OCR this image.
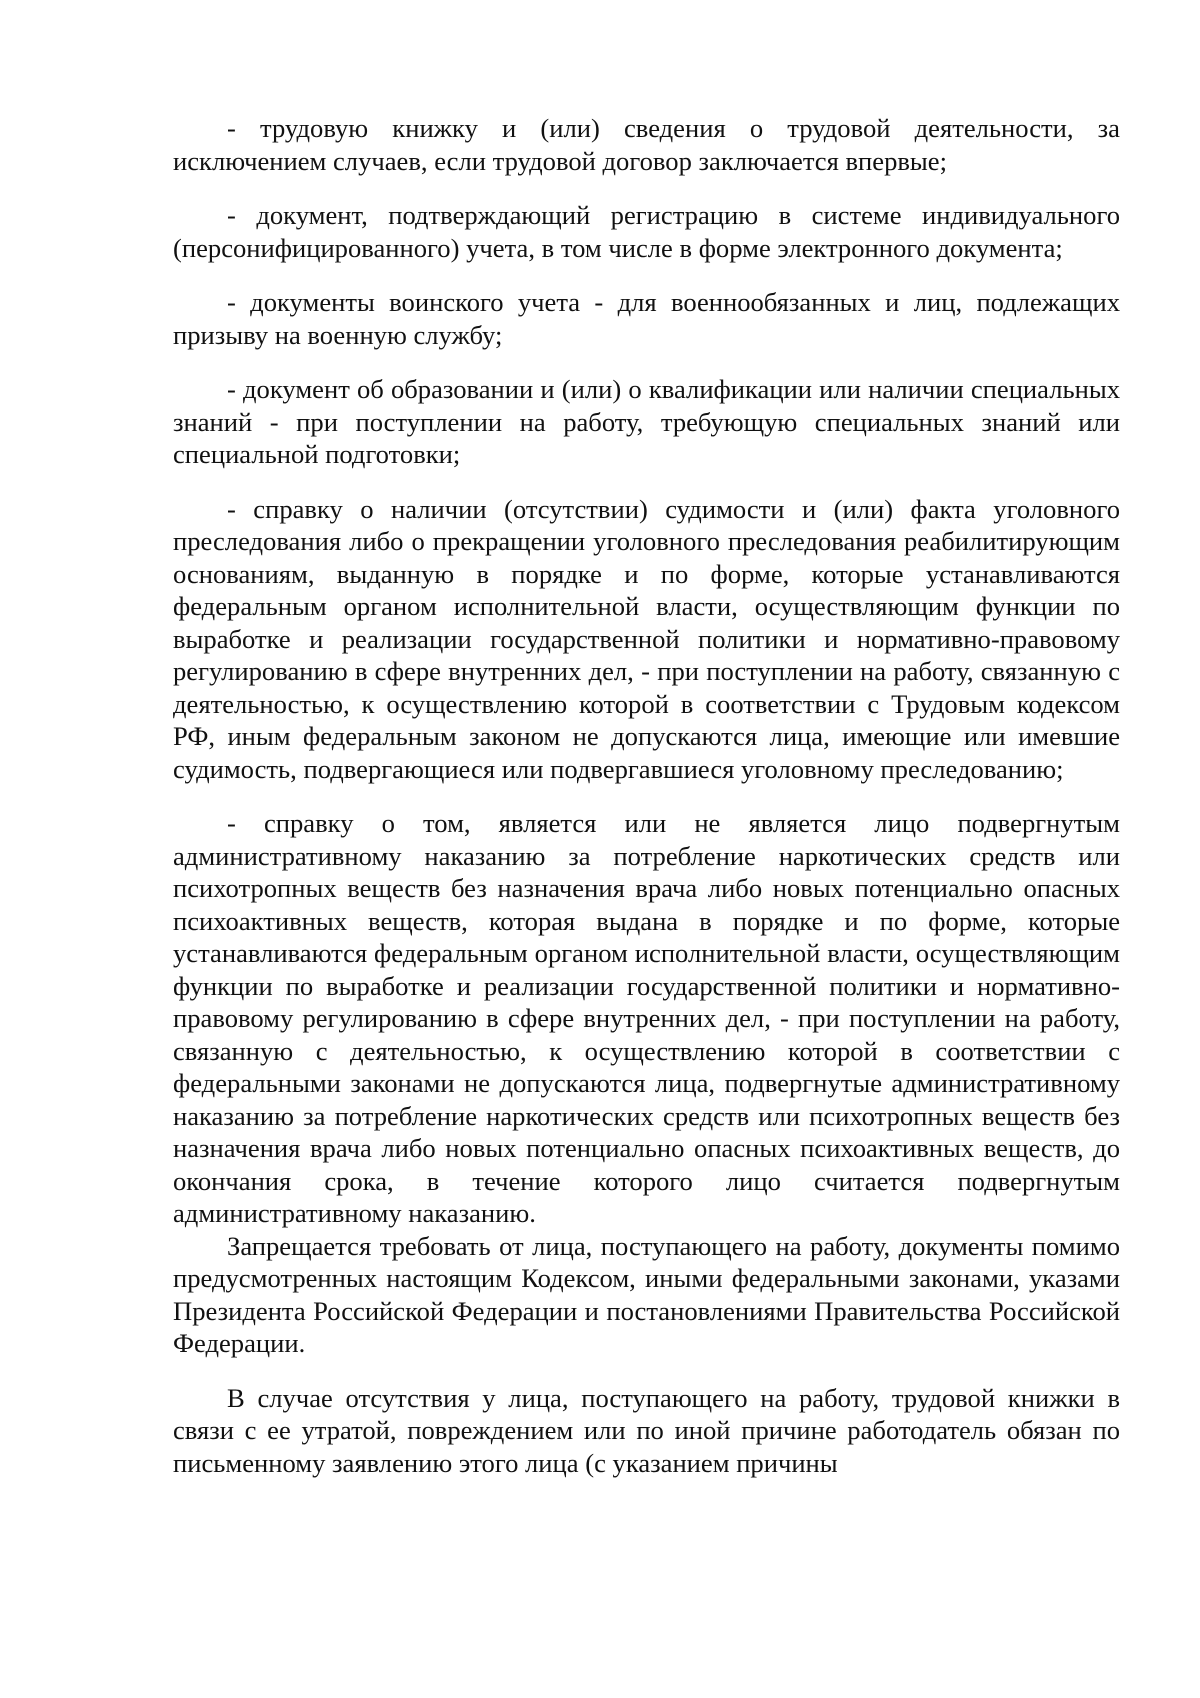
- трудовую книжку и (или) сведения о трудовой деятельности, за исключением случаев, если трудовой договор заключается впервые;

- документ, подтверждающий регистрацию в системе индивидуального (персонифицированного) учета, в том числе в форме электронного документа;

- документы воинского учета - для военнообязанных и лиц, подлежащих призыву на военную службу;

- документ об образовании и (или) о квалификации или наличии специальных знаний - при поступлении на работу, требующую специальных знаний или специальной подготовки;

- справку о наличии (отсутствии) судимости и (или) факта уголовного преследования либо о прекращении уголовного преследования реабилитирующим основаниям, выданную в порядке и по форме, которые устанавливаются федеральным органом исполнительной власти, осуществляющим функции по выработке и реализации государственной политики и нормативно-правовому регулированию в сфере внутренних дел, - при поступлении на работу, связанную с деятельностью, к осуществлению которой в соответствии с Трудовым кодексом РФ, иным федеральным законом не допускаются лица, имеющие или имевшие судимость, подвергающиеся или подвергавшиеся уголовному преследованию;

- справку о том, является или не является лицо подвергнутым административному наказанию за потребление наркотических средств или психотропных веществ без назначения врача либо новых потенциально опасных психоактивных веществ, которая выдана в порядке и по форме, которые устанавливаются федеральным органом исполнительной власти, осуществляющим функции по выработке и реализации государственной политики и нормативно-правовому регулированию в сфере внутренних дел, - при поступлении на работу, связанную с деятельностью, к осуществлению которой в соответствии с федеральными законами не допускаются лица, подвергнутые административному наказанию за потребление наркотических средств или психотропных веществ без назначения врача либо новых потенциально опасных психоактивных веществ, до окончания срока, в течение которого лицо считается подвергнутым административному наказанию.

Запрещается требовать от лица, поступающего на работу, документы помимо предусмотренных настоящим Кодексом, иными федеральными законами, указами Президента Российской Федерации и постановлениями Правительства Российской Федерации.

В случае отсутствия у лица, поступающего на работу, трудовой книжки в связи с ее утратой, повреждением или по иной причине работодатель обязан по письменному заявлению этого лица (с указанием причины
